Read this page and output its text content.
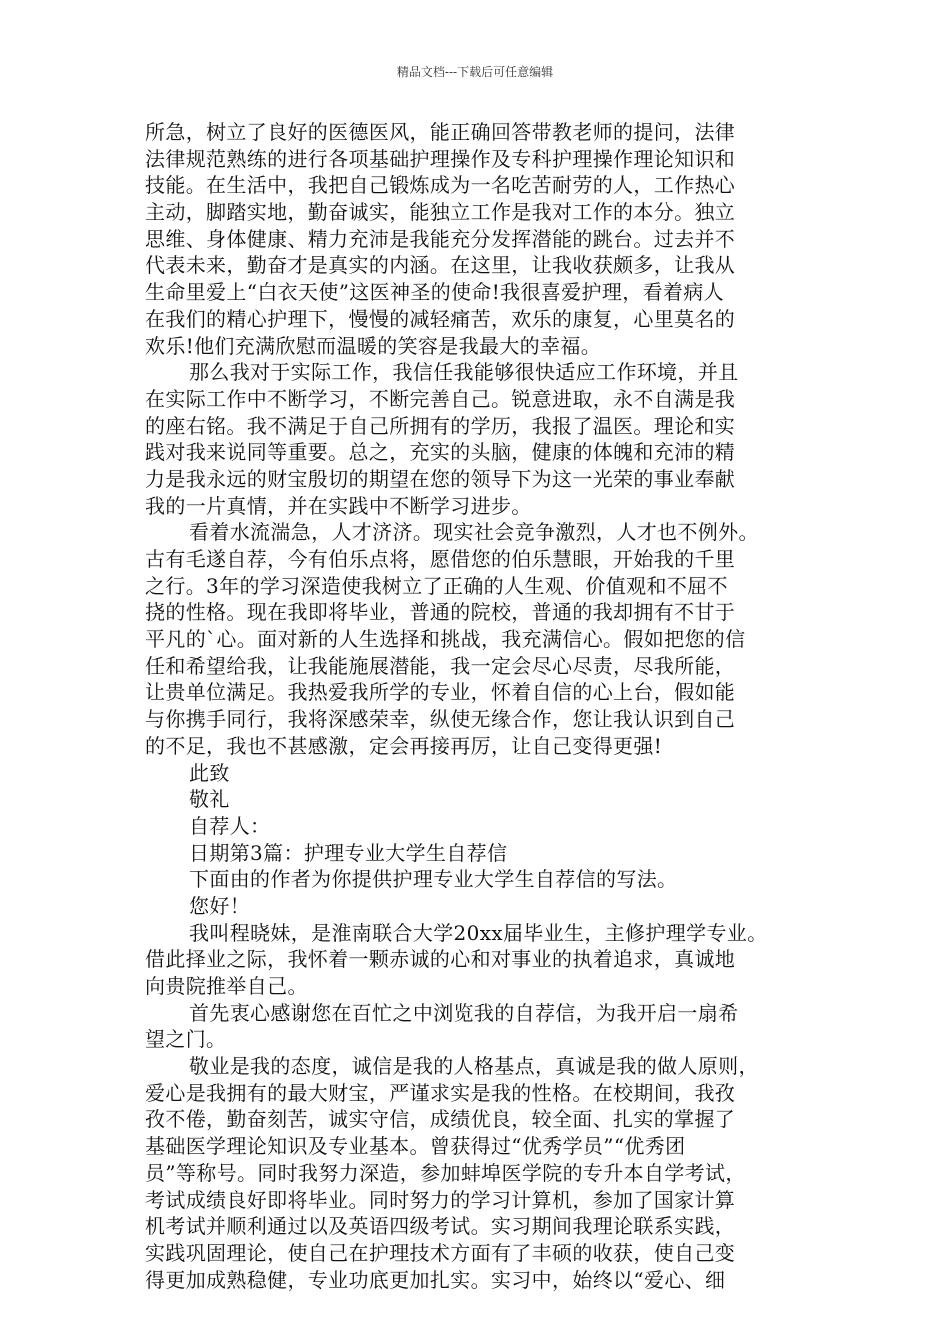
精品文档---下载后可任意编辑
所急，树立了良好的医德医风，能正确回答带教老师的提问，法律
法律规范熟练的进行各项基础护理操作及专科护理操作理论知识和
技能。在生活中，我把自己锻炼成为一名吃苦耐劳的人，工作热心
主动，脚踏实地，勤奋诚实，能独立工作是我对工作的本分。独立
思维、身体健康、精力充沛是我能充分发挥潜能的跳台。过去并不
代表未来，勤奋才是真实的内涵。在这里，让我收获颇多，让我从
生命里爱上“白衣天使”这医神圣的使命!我很喜爱护理，看着病人
在我们的精心护理下，慢慢的减轻痛苦，欢乐的康复，心里莫名的
欢乐!他们充满欣慰而温暖的笑容是我最大的幸福。
那么我对于实际工作，我信任我能够很快适应工作环境，并且
在实际工作中不断学习，不断完善自己。锐意进取，永不自满是我
的座右铭。我不满足于自己所拥有的学历，我报了温医。理论和实
践对我来说同等重要。总之，充实的头脑，健康的体魄和充沛的精
力是我永远的财宝殷切的期望在您的领导下为这一光荣的事业奉献
我的一片真情，并在实践中不断学习进步。
看着水流湍急，人才济济。现实社会竞争激烈，人才也不例外。
古有毛遂自荐，今有伯乐点将，愿借您的伯乐慧眼，开始我的千里
之行。3年的学习深造使我树立了正确的人生观、价值观和不屈不
挠的性格。现在我即将毕业，普通的院校，普通的我却拥有不甘于
平凡的`心。面对新的人生选择和挑战，我充满信心。假如把您的信
任和希望给我，让我能施展潜能，我一定会尽心尽责，尽我所能，
让贵单位满足。我热爱我所学的专业，怀着自信的心上台，假如能
与你携手同行，我将深感荣幸，纵使无缘合作，您让我认识到自己
的不足，我也不甚感激，定会再接再厉，让自己变得更强!
此致
敬礼
自荐人：
日期第3篇：护理专业大学生自荐信
下面由的作者为你提供护理专业大学生自荐信的写法。
您好！
我叫程晓妹，是淮南联合大学20xx届毕业生，主修护理学专业。
借此择业之际，我怀着一颗赤诚的心和对事业的执着追求，真诚地
向贵院推举自己。
首先衷心感谢您在百忙之中浏览我的自荐信，为我开启一扇希
望之门。
敬业是我的态度，诚信是我的人格基点，真诚是我的做人原则，
爱心是我拥有的最大财宝，严谨求实是我的性格。在校期间，我孜
孜不倦，勤奋刻苦，诚实守信，成绩优良，较全面、扎实的掌握了
基础医学理论知识及专业基本。曾获得过“优秀学员”“优秀团
员”等称号。同时我努力深造，参加蚌埠医学院的专升本自学考试，
考试成绩良好即将毕业。同时努力的学习计算机，参加了国家计算
机考试并顺利通过以及英语四级考试。实习期间我理论联系实践，
实践巩固理论，使自己在护理技术方面有了丰硕的收获，使自己变
得更加成熟稳健，专业功底更加扎实。实习中，始终以“爱心、细
